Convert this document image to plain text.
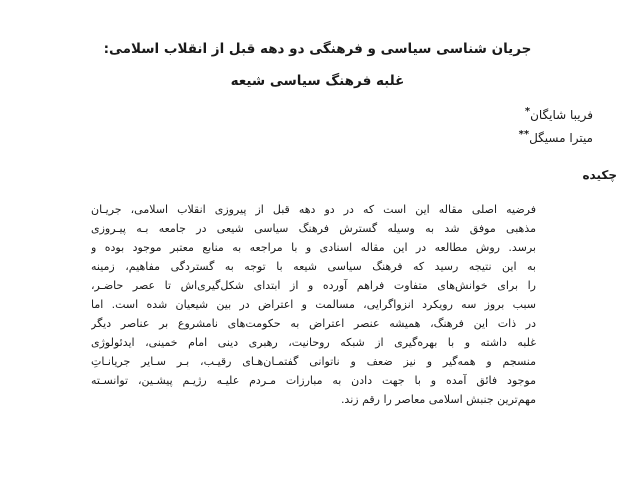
جریان شناسی سیاسی و فرهنگی دو دهه قبل از انقلاب اسلامی:
غلبه فرهنگ سیاسی شیعه
فریبا شایگان*
میترا مسیگل**
چکیده
فرضیه اصلی مقاله این است که در دو دهه قبل از پیروزی انقلاب اسلامی، جریـان
مذهبی موفق شد به وسیله گسترش فرهنگ سیاسی شیعی در جامعه بـه پیـروزی
برسد. روش مطالعه در این مقاله اسنادی و با مراجعه به منابع معتبر موجود بوده و
به این نتیجه رسید که فرهنگ سیاسی شیعه با توجه به گستردگی مفاهیم، زمینه
را برای خوانش‌های متفاوت فراهم آورده و از ابتدای شکل‌گیری‌اش تا عصر حاضـر،
سبب بروز سه رویکرد انزواگرایی، مسالمت و اعتراض در بین شیعیان شده است. اما
در ذات این فرهنگ، همیشه عنصر اعتراض به حکومت‌های نامشروع بر عناصر دیگر
غلبه داشته و با بهره‌گیری از شبکه روحانیت، رهبری دینی امام خمینی، ایدئولوژی
منسجم و همه‌گیر و نیز ضعف و ناتوانی گفتمـان‌هـای رقیـب، بـر سـایر جریانـاتِ
موجود فائق آمده و با جهت دادن به مبارزات مـردم علیـه رژیـم پیشـین، توانسـته
مهم‌ترین جنبش اسلامی معاصر را رقم زند.
